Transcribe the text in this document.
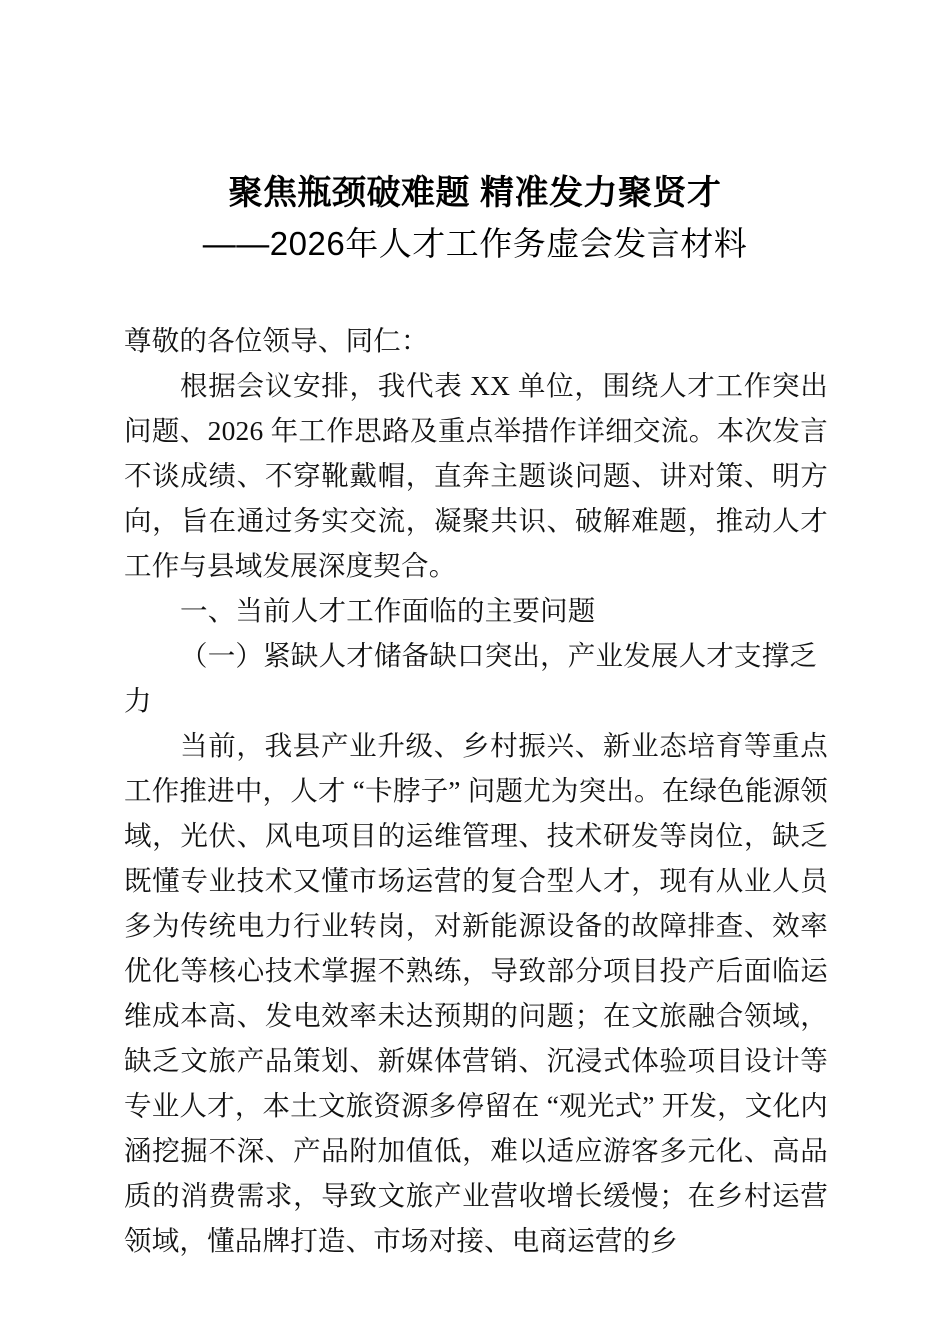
聚焦瓶颈破难题 精准发力聚贤才
——2026年人才工作务虚会发言材料

尊敬的各位领导、同仁：

根据会议安排，我代表 XX 单位，围绕人才工作突出问题、2026 年工作思路及重点举措作详细交流。本次发言不谈成绩、不穿靴戴帽，直奔主题谈问题、讲对策、明方向，旨在通过务实交流，凝聚共识、破解难题，推动人才工作与县域发展深度契合。

一、当前人才工作面临的主要问题

（一）紧缺人才储备缺口突出，产业发展人才支撑乏力

当前，我县产业升级、乡村振兴、新业态培育等重点工作推进中，人才 “卡脖子” 问题尤为突出。在绿色能源领域，光伏、风电项目的运维管理、技术研发等岗位，缺乏既懂专业技术又懂市场运营的复合型人才，现有从业人员多为传统电力行业转岗，对新能源设备的故障排查、效率优化等核心技术掌握不熟练，导致部分项目投产后面临运维成本高、发电效率未达预期的问题；在文旅融合领域，缺乏文旅产品策划、新媒体营销、沉浸式体验项目设计等专业人才，本土文旅资源多停留在 “观光式” 开发，文化内涵挖掘不深、产品附加值低，难以适应游客多元化、高品质的消费需求，导致文旅产业营收增长缓慢；在乡村运营领域，懂品牌打造、市场对接、电商运营的乡
